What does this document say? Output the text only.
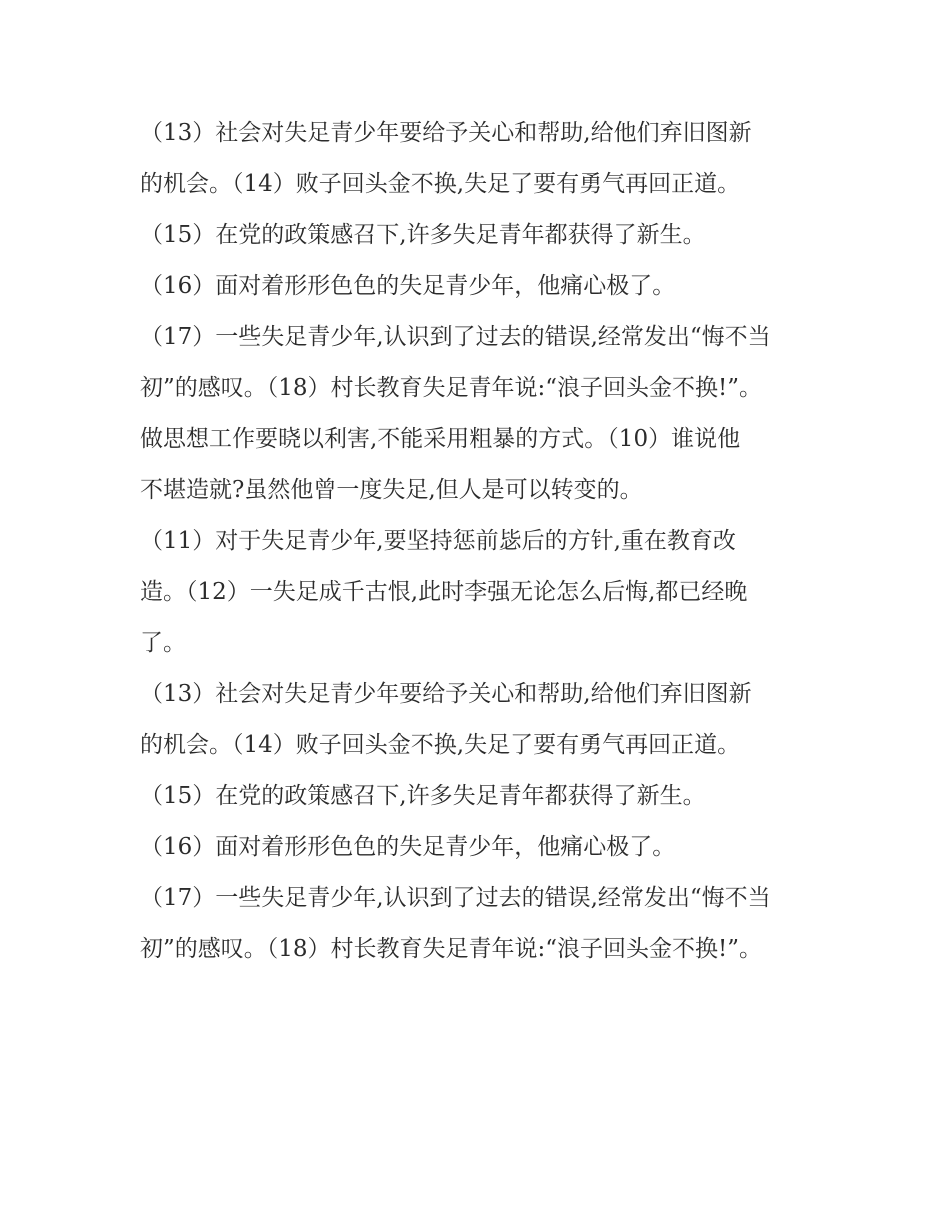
（13）社会对失足青少年要给予关心和帮助,给他们弃旧图新
的机会。（14）败子回头金不换,失足了要有勇气再回正道。
（15）在党的政策感召下,许多失足青年都获得了新生。
（16）面对着形形色色的失足青少年，他痛心极了。
（17）一些失足青少年,认识到了过去的错误,经常发出“悔不当
初”的感叹。（18）村长教育失足青年说:“浪子回头金不换!”。
做思想工作要晓以利害,不能采用粗暴的方式。（10）谁说他
不堪造就?虽然他曾一度失足,但人是可以转变的。
（11）对于失足青少年,要坚持惩前毖后的方针,重在教育改
造。（12）一失足成千古恨,此时李强无论怎么后悔,都已经晚
了。
（13）社会对失足青少年要给予关心和帮助,给他们弃旧图新
的机会。（14）败子回头金不换,失足了要有勇气再回正道。
（15）在党的政策感召下,许多失足青年都获得了新生。
（16）面对着形形色色的失足青少年，他痛心极了。
（17）一些失足青少年,认识到了过去的错误,经常发出“悔不当
初”的感叹。（18）村长教育失足青年说:“浪子回头金不换!”。
